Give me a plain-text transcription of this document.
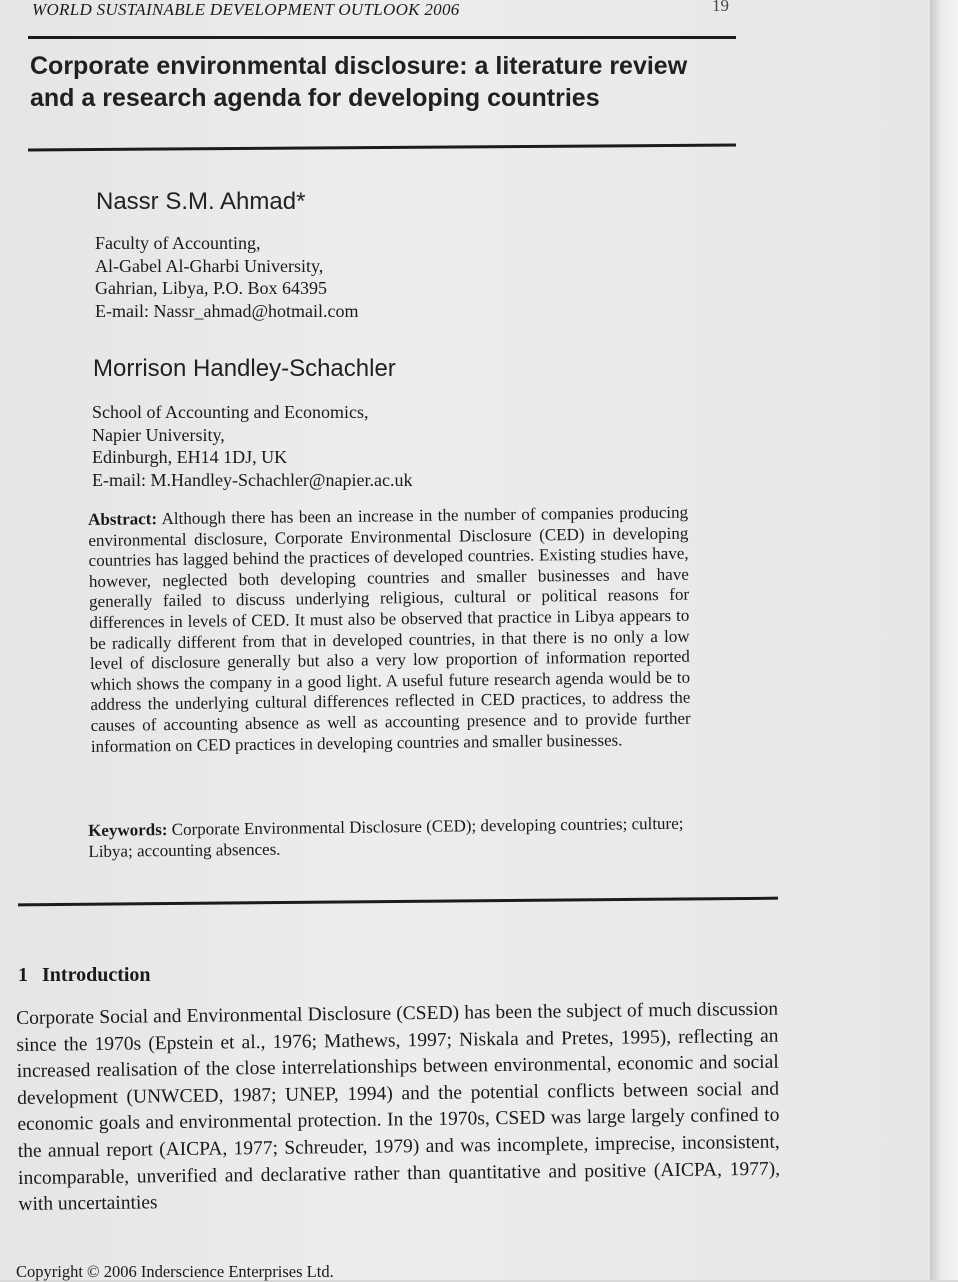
WORLD SUSTAINABLE DEVELOPMENT OUTLOOK 2006	19
Corporate environmental disclosure: a literature review and a research agenda for developing countries
Nassr S.M. Ahmad*
Faculty of Accounting,
Al-Gabel Al-Gharbi University,
Gahrian, Libya, P.O. Box 64395
E-mail: Nassr_ahmad@hotmail.com
Morrison Handley-Schachler
School of Accounting and Economics,
Napier University,
Edinburgh, EH14 1DJ, UK
E-mail: M.Handley-Schachler@napier.ac.uk
Abstract: Although there has been an increase in the number of companies producing environmental disclosure, Corporate Environmental Disclosure (CED) in developing countries has lagged behind the practices of developed countries. Existing studies have, however, neglected both developing countries and smaller businesses and have generally failed to discuss underlying religious, cultural or political reasons for differences in levels of CED. It must also be observed that practice in Libya appears to be radically different from that in developed countries, in that there is no only a low level of disclosure generally but also a very low proportion of information reported which shows the company in a good light. A useful future research agenda would be to address the underlying cultural differences reflected in CED practices, to address the causes of accounting absence as well as accounting presence and to provide further information on CED practices in developing countries and smaller businesses.
Keywords: Corporate Environmental Disclosure (CED); developing countries; culture; Libya; accounting absences.
1 Introduction
Corporate Social and Environmental Disclosure (CSED) has been the subject of much discussion since the 1970s (Epstein et al., 1976; Mathews, 1997; Niskala and Pretes, 1995), reflecting an increased realisation of the close interrelationships between environmental, economic and social development (UNWCED, 1987; UNEP, 1994) and the potential conflicts between social and economic goals and environmental protection. In the 1970s, CSED was large largely confined to the annual report (AICPA, 1977; Schreuder, 1979) and was incomplete, imprecise, inconsistent, incomparable, unverified and declarative rather than quantitative and positive (AICPA, 1977), with uncertainties
Copyright © 2006 Inderscience Enterprises Ltd.
